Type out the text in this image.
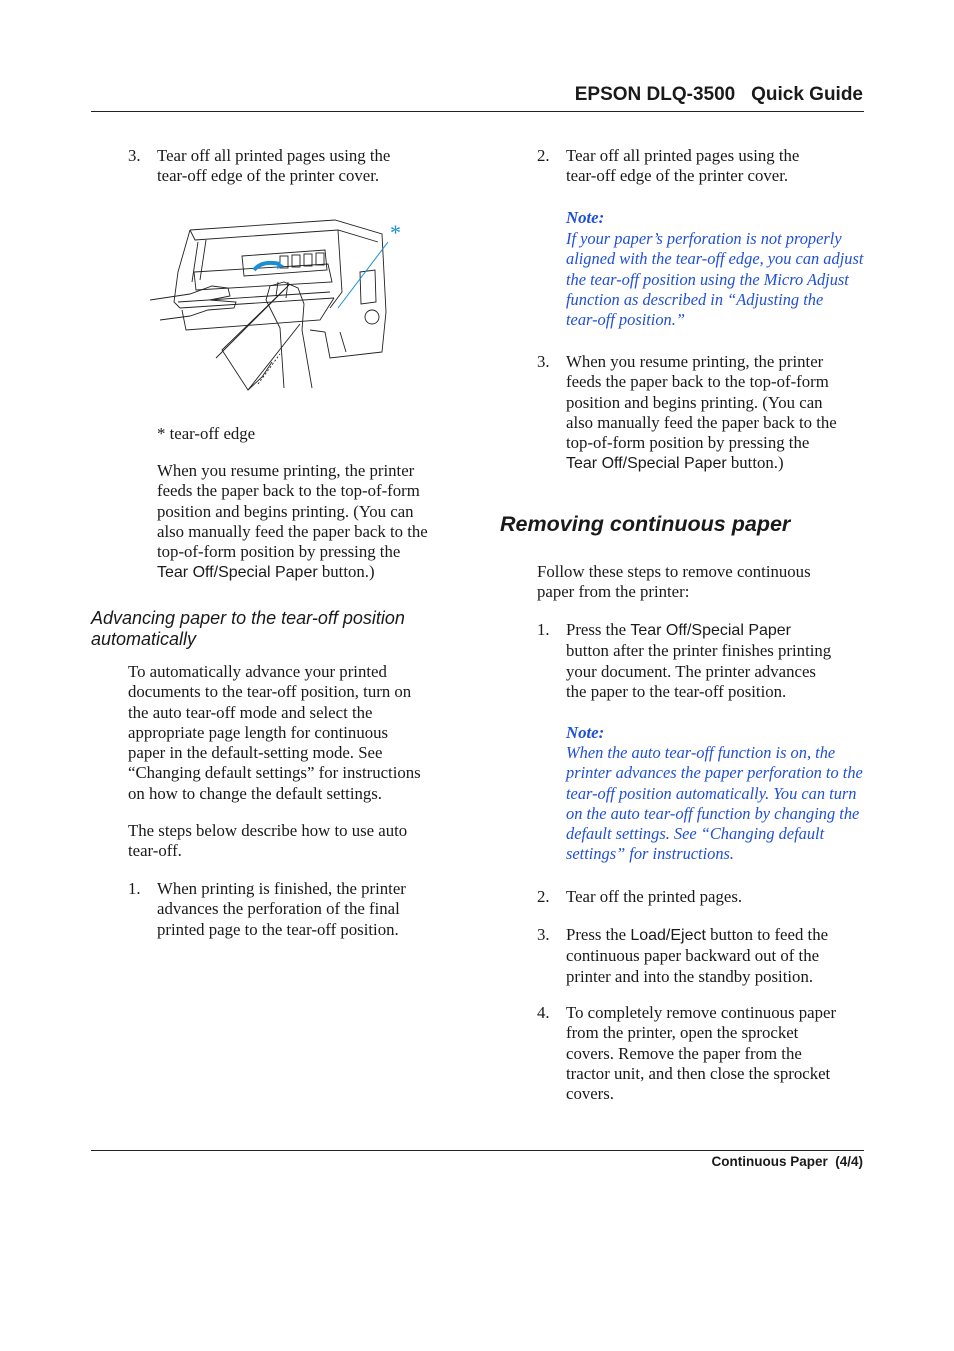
EPSON DLQ-3500   Quick Guide
3. Tear off all printed pages using the
tear-off edge of the printer cover.
*
* tear-off edge
When you resume printing, the printer
feeds the paper back to the top-of-form
position and begins printing. (You can
also manually feed the paper back to the
top-of-form position by pressing the
Tear Off/Special Paper button.)
Advancing paper to the tear-off position
automatically
To automatically advance your printed
documents to the tear-off position, turn on
the auto tear-off mode and select the
appropriate page length for continuous
paper in the default-setting mode. See
“Changing default settings” for instructions
on how to change the default settings.
The steps below describe how to use auto
tear-off.
1. When printing is finished, the printer
advances the perforation of the final
printed page to the tear-off position.
2. Tear off all printed pages using the
tear-off edge of the printer cover.
Note:
If your paper’s perforation is not properly
aligned with the tear-off edge, you can adjust
the tear-off position using the Micro Adjust
function as described in “Adjusting the
tear-off position.”
3. When you resume printing, the printer
feeds the paper back to the top-of-form
position and begins printing. (You can
also manually feed the paper back to the
top-of-form position by pressing the
Tear Off/Special Paper button.)
Removing continuous paper
Follow these steps to remove continuous
paper from the printer:
1. Press the Tear Off/Special Paper
button after the printer finishes printing
your document. The printer advances
the paper to the tear-off position.
Note:
When the auto tear-off function is on, the
printer advances the paper perforation to the
tear-off position automatically. You can turn
on the auto tear-off function by changing the
default settings. See “Changing default
settings” for instructions.
2. Tear off the printed pages.
3. Press the Load/Eject button to feed the
continuous paper backward out of the
printer and into the standby position.
4. To completely remove continuous paper
from the printer, open the sprocket
covers. Remove the paper from the
tractor unit, and then close the sprocket
covers.
Continuous Paper  (4/4)
